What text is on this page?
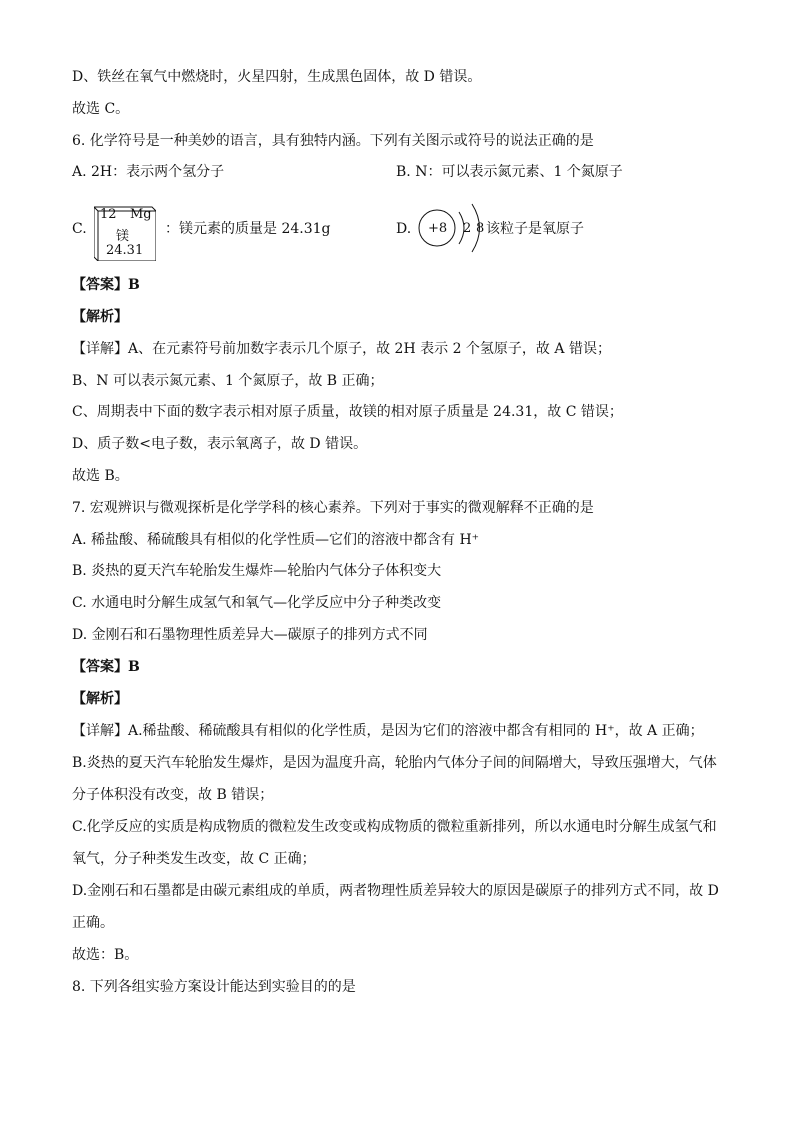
D、铁丝在氧气中燃烧时，火星四射，生成黑色固体，故 D 错误。
故选 C。
6. 化学符号是一种美妙的语言，具有独特内涵。下列有关图示或符号的说法正确的是
A. 2H：表示两个氢分子	B. N：可以表示氮元素、1 个氮原子
C.
12 Mg
镁
24.31
：镁元素的质量是 24.31g	D. +8 2 8 该粒子是氧原子
【答案】B
【解析】
【详解】A、在元素符号前加数字表示几个原子，故 2H 表示 2 个氢原子，故 A 错误；
B、N 可以表示氮元素、1 个氮原子，故 B 正确；
C、周期表中下面的数字表示相对原子质量，故镁的相对原子质量是 24.31，故 C 错误；
D、质子数<电子数，表示氧离子，故 D 错误。
故选 B。
7. 宏观辨识与微观探析是化学学科的核心素养。下列对于事实的微观解释不正确的是
A. 稀盐酸、稀硫酸具有相似的化学性质—它们的溶液中都含有 H⁺
B. 炎热的夏天汽车轮胎发生爆炸—轮胎内气体分子体积变大
C. 水通电时分解生成氢气和氧气—化学反应中分子种类改变
D. 金刚石和石墨物理性质差异大—碳原子的排列方式不同
【答案】B
【解析】
【详解】A.稀盐酸、稀硫酸具有相似的化学性质，是因为它们的溶液中都含有相同的 H⁺，故 A 正确；
B.炎热的夏天汽车轮胎发生爆炸，是因为温度升高，轮胎内气体分子间的间隔增大，导致压强增大，气体
分子体积没有改变，故 B 错误；
C.化学反应的实质是构成物质的微粒发生改变或构成物质的微粒重新排列，所以水通电时分解生成氢气和
氧气，分子种类发生改变，故 C 正确；
D.金刚石和石墨都是由碳元素组成的单质，两者物理性质差异较大的原因是碳原子的排列方式不同，故 D
正确。
故选：B。
8. 下列各组实验方案设计能达到实验目的的是
